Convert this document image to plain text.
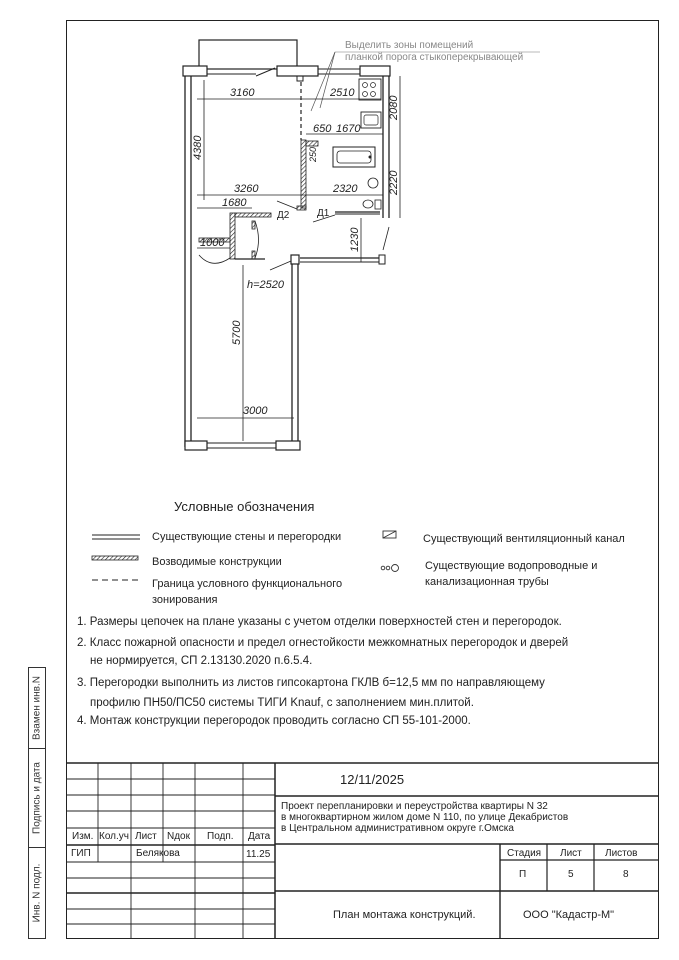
3160	2510
650 1670
3260	2320
1680
1000
h=2520
3000
4380
5700
2080
2220
1230
250
Д2	Д1
Выделить зоны помещений
планкой порога стыкоперекрывающей
Условные обозначения
Существующие стены и перегородки
Возводимые конструкции
Граница условного функционального зонирования
Существующий вентиляционный канал
Существующие водопроводные и канализационная трубы
1. Размеры цепочек на плане указаны с учетом отделки поверхностей стен и перегородок.
2. Класс пожарной опасности и предел огнестойкости межкомнатных перегородок и дверей
не нормируется, СП 2.13130.2020 п.6.5.4.
3. Перегородки выполнить из листов гипсокартона ГКЛВ б=12,5 мм по направляющему
профилю ПН50/ПС50 системы ТИГИ Knauf, с заполнением мин.плитой.
4. Монтаж конструкции перегородок проводить согласно СП 55-101-2000.
Взамен инв.N
Подпись и дата
Инв. N подл.
12/11/2025
Проект перепланировки и переустройства квартиры N 32
в многоквартирном жилом доме N 110, по улице Декабристов
в Центральном административном округе г.Омска
Изм. Кол.уч Лист Nдок Подп. Дата
ГИП	Белякова	11.25	Стадия Лист Листов
П	5	8
План монтажа конструкций.	ООО "Кадастр-М"
